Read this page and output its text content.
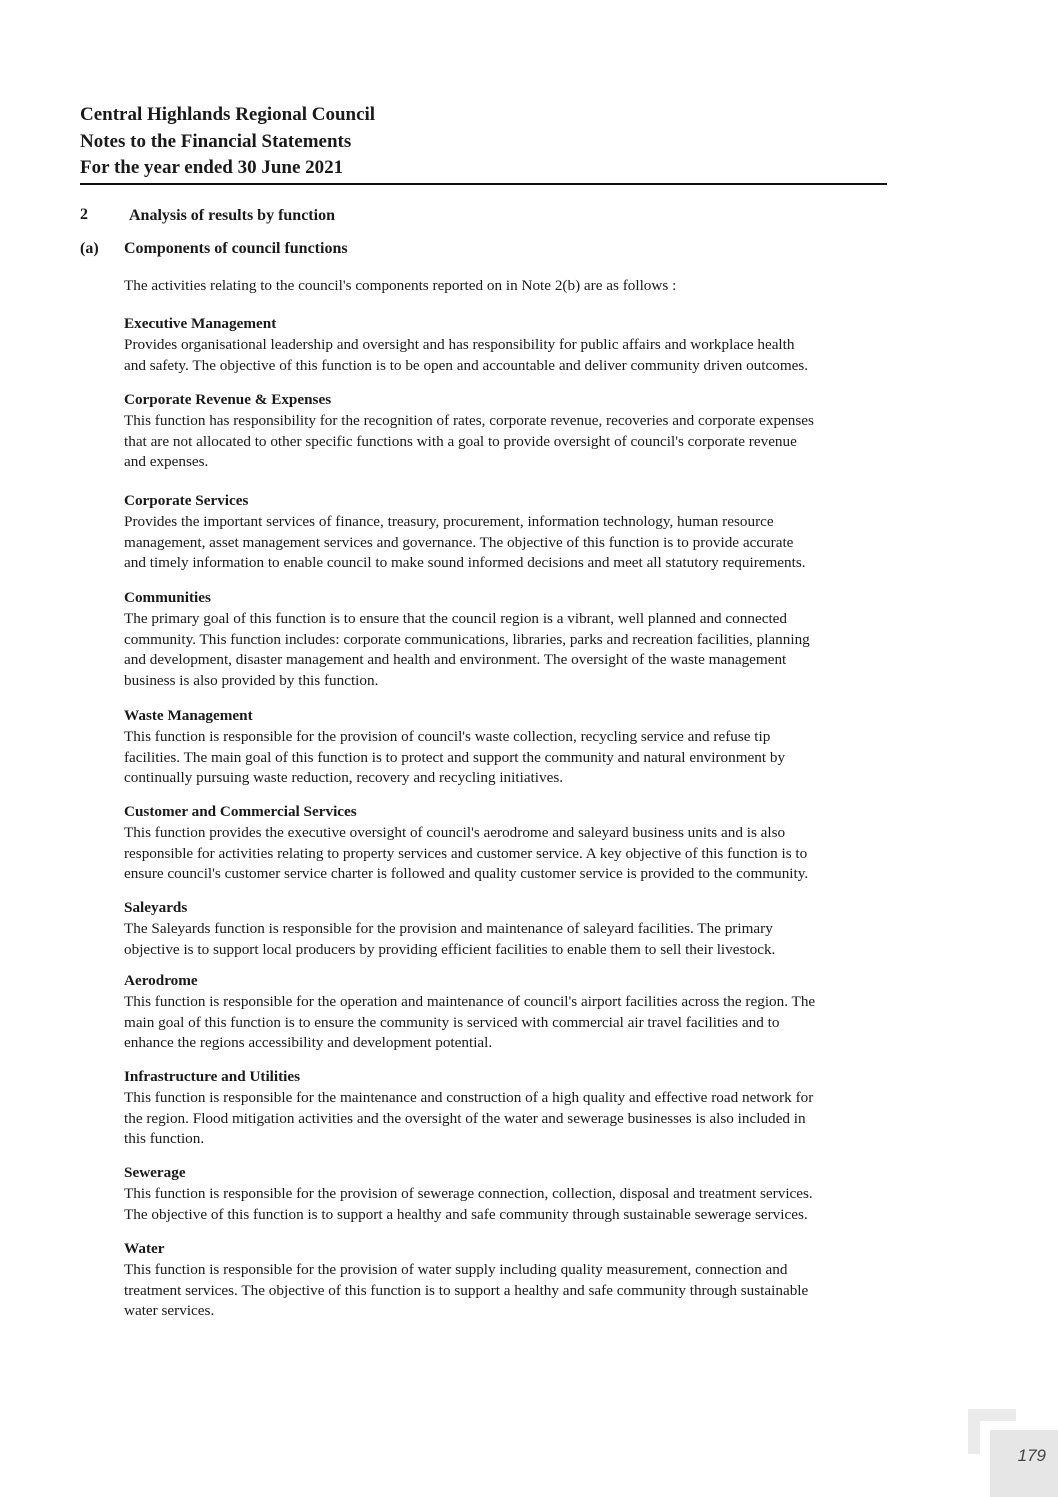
Central Highlands Regional Council
Notes to the Financial Statements
For the year ended 30 June 2021
2	Analysis of results by function
(a) Components of council functions
The activities relating to the council's components reported on in Note 2(b) are as follows :
Executive Management
Provides organisational leadership and oversight and has responsibility for public affairs and workplace health
and safety. The objective of this function is to be open and accountable and deliver community driven outcomes.
Corporate Revenue & Expenses
This function has responsibility for the recognition of rates, corporate revenue, recoveries and corporate expenses
that are not allocated to other specific functions with a goal to provide oversight of council's corporate revenue
and expenses.
Corporate Services
Provides the important services of finance, treasury, procurement, information technology, human resource
management, asset management services and governance. The objective of this function is to provide accurate
and timely information to enable council to make sound informed decisions and meet all statutory requirements.
Communities
The primary goal of this function is to ensure that the council region is a vibrant, well planned and connected
community. This function includes: corporate communications, libraries, parks and recreation facilities, planning
and development, disaster management and health and environment. The oversight of the waste management
business is also provided by this function.
Waste Management
This function is responsible for the provision of council's waste collection, recycling service and refuse tip
facilities. The main goal of this function is to protect and support the community and natural environment by
continually pursuing waste reduction, recovery and recycling initiatives.
Customer and Commercial Services
This function provides the executive oversight of council's aerodrome and saleyard business units and is also
responsible for activities relating to property services and customer service. A key objective of this function is to
ensure council's customer service charter is followed and quality customer service is provided to the community.
Saleyards
The Saleyards function is responsible for the provision and maintenance of saleyard facilities. The primary
objective is to support local producers by providing efficient facilities to enable them to sell their livestock.
Aerodrome
This function is responsible for the operation and maintenance of council's airport facilities across the region. The
main goal of this function is to ensure the community is serviced with commercial air travel facilities and to
enhance the regions accessibility and development potential.
Infrastructure and Utilities
This function is responsible for the maintenance and construction of a high quality and effective road network for
the region. Flood mitigation activities and the oversight of the water and sewerage businesses is also included in
this function.
Sewerage
This function is responsible for the provision of sewerage connection, collection, disposal and treatment services.
The objective of this function is to support a healthy and safe community through sustainable sewerage services.
Water
This function is responsible for the provision of water supply including quality measurement, connection and
treatment services. The objective of this function is to support a healthy and safe community through sustainable
water services.
179
